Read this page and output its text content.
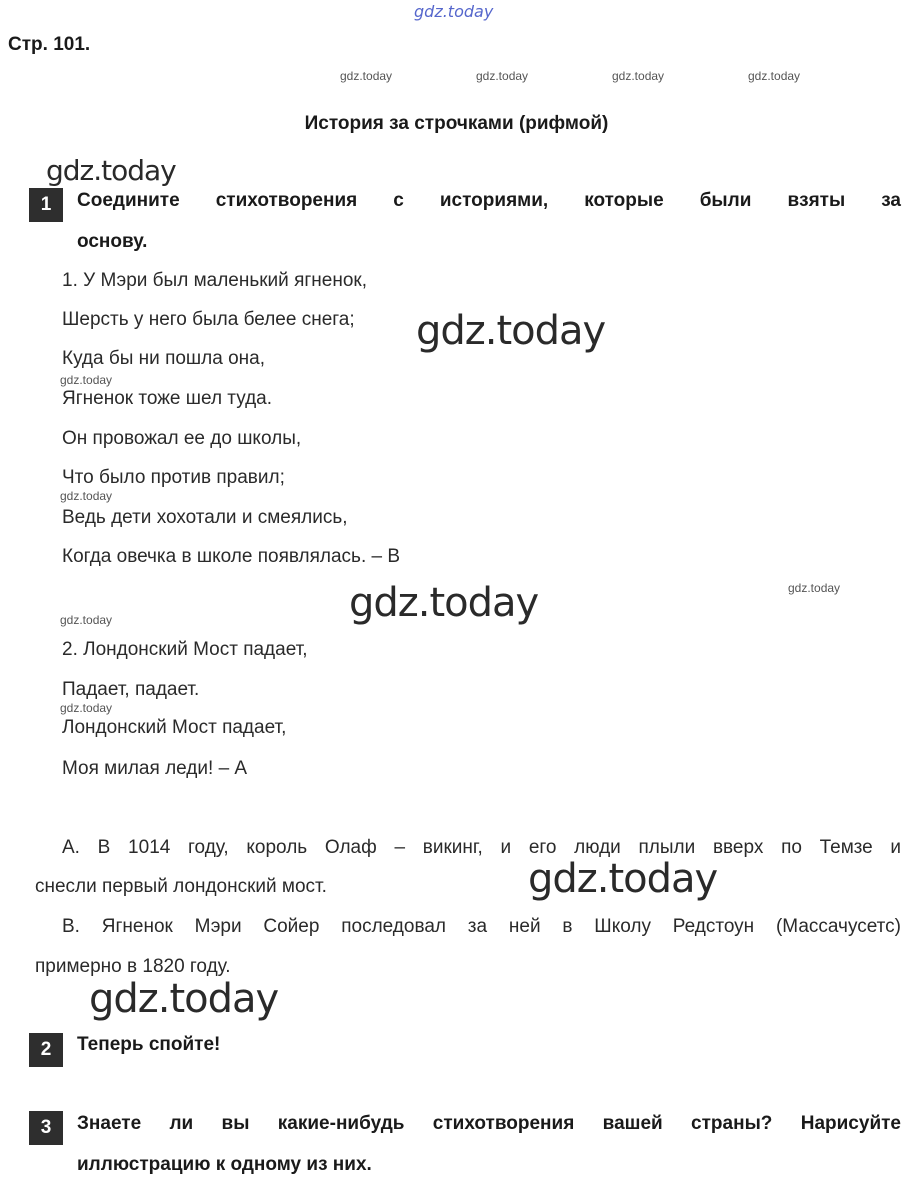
gdz.today
Стр. 101.
gdz.today	gdz.today	gdz.today	gdz.today
История за строчками (рифмой)
gdz.today
1	Соедините стихотворения с историями, которые были взяты за
основу.
1. У Мэри был маленький ягненок,
Шерсть у него была белее снега;
Куда бы ни пошла она,
Ягненок тоже шел туда.
Он провожал ее до школы,
Что было против правил;
Ведь дети хохотали и смеялись,
Когда овечка в школе появлялась. – В
gdz.today
gdz.today
gdz.today
gdz.today
gdz.today
gdz.today
2. Лондонский Мост падает,
Падает, падает.
gdz.today
Лондонский Мост падает,
Моя милая леди! – А
А. В 1014 году, король Олаф – викинг, и его люди плыли вверх по Темзе и
снесли первый лондонский мост.	gdz.today
В. Ягненок Мэри Сойер последовал за ней в Школу Редстоун (Массачусетс)
примерно в 1820 году.
gdz.today
2	Теперь спойте!
3	Знаете ли вы какие-нибудь стихотворения вашей страны? Нарисуйте
иллюстрацию к одному из них.
